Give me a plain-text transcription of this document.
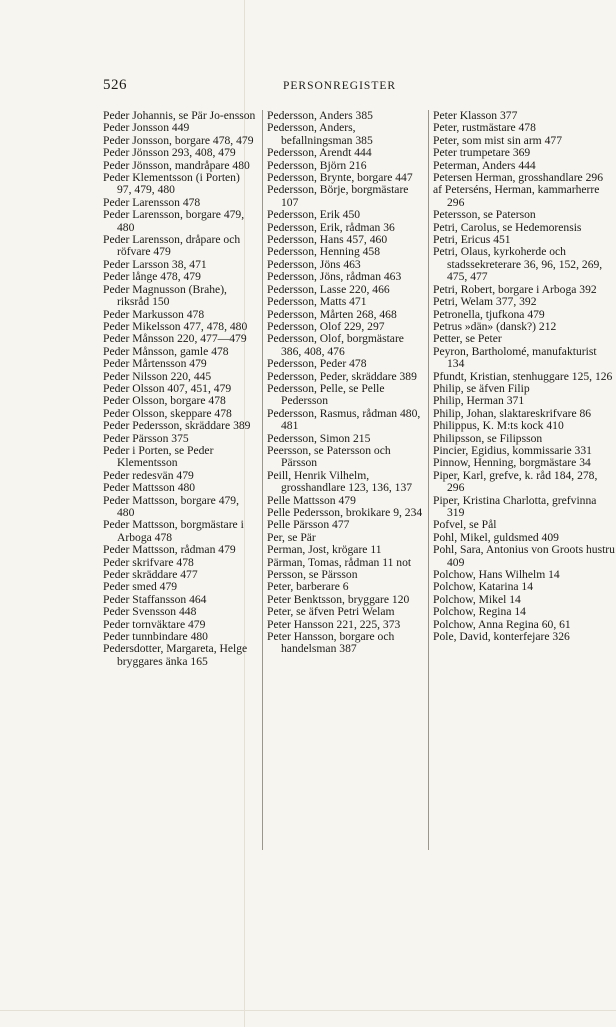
526	PERSONREGISTER
Peder Johannis, se Pär Jo-ensson
Peder Jonsson 449
Peder Jonsson, borgare 478, 479
Peder Jönsson 293, 408, 479
Peder Jönsson, mandråpare 480
Peder Klementsson (i Porten) 97, 479, 480
Peder Larensson 478
Peder Larensson, borgare 479, 480
Peder Larensson, dråpare och röfvare 479
Peder Larsson 38, 471
Peder långe 478, 479
Peder Magnusson (Brahe), riksråd 150
Peder Markusson 478
Peder Mikelsson 477, 478, 480
Peder Månsson 220, 477—479
Peder Månsson, gamle 478
Peder Mårtensson 479
Peder Nilsson 220, 445
Peder Olsson 407, 451, 479
Peder Olsson, borgare 478
Peder Olsson, skeppare 478
Peder Pedersson, skräddare 389
Peder Pärsson 375
Peder i Porten, se Peder Klementsson
Peder redesvän 479
Peder Mattsson 480
Peder Mattsson, borgare 479, 480
Peder Mattsson, borgmästare i Arboga 478
Peder Mattsson, rådman 479
Peder skrifvare 478
Peder skräddare 477
Peder smed 479
Peder Staffansson 464
Peder Svensson 448
Peder tornväktare 479
Peder tunnbindare 480
Pedersdotter, Margareta, Helge bryggares änka 165
Pedersson, Anders 385
Pedersson, Anders, befallningsman 385
Pedersson, Arendt 444
Pedersson, Björn 216
Pedersson, Brynte, borgare 447
Pedersson, Börje, borgmästare 107
Pedersson, Erik 450
Pedersson, Erik, rådman 36
Pedersson, Hans 457, 460
Pedersson, Henning 458
Pedersson, Jöns 463
Pedersson, Jöns, rådman 463
Pedersson, Lasse 220, 466
Pedersson, Matts 471
Pedersson, Mårten 268, 468
Pedersson, Olof 229, 297
Pedersson, Olof, borgmästare 386, 408, 476
Pedersson, Peder 478
Pedersson, Peder, skräddare 389
Pedersson, Pelle, se Pelle Pedersson
Pedersson, Rasmus, rådman 480, 481
Pedersson, Simon 215
Peersson, se Patersson och Pärsson
Peill, Henrik Vilhelm, grosshandlare 123, 136, 137
Pelle Mattsson 479
Pelle Pedersson, brokikare 9, 234
Pelle Pärsson 477
Per, se Pär
Perman, Jost, krögare 11
Pärman, Tomas, rådman 11 not
Persson, se Pärsson
Peter, barberare 6
Peter Benktsson, bryggare 120
Peter, se äfven Petri Welam
Peter Hansson 221, 225, 373
Peter Hansson, borgare och handelsman 387
Peter Klasson 377
Peter, rustmästare 478
Peter, som mist sin arm 477
Peter trumpetare 369
Peterman, Anders 444
Petersen Herman, grosshandlare 296
af Peterséns, Herman, kammarherre 296
Petersson, se Paterson
Petri, Carolus, se Hedemorensis
Petri, Ericus 451
Petri, Olaus, kyrkoherde och stadssekreterare 36, 96, 152, 269, 475, 477
Petri, Robert, borgare i Arboga 392
Petri, Welam 377, 392
Petronella, tjufkona 479
Petrus »dän» (dansk?) 212
Petter, se Peter
Peyron, Bartholomé, manufakturist 134
Pfundt, Kristian, stenhuggare 125, 126
Philip, se äfven Filip
Philip, Herman 371
Philip, Johan, slaktareskrifvare 86
Philippus, K. M:ts kock 410
Philipsson, se Filipsson
Pincier, Egidius, kommissarie 331
Pinnow, Henning, borgmästare 34
Piper, Karl, grefve, k. råd 184, 278, 296
Piper, Kristina Charlotta, grefvinna 319
Pofvel, se Pål
Pohl, Mikel, guldsmed 409
Pohl, Sara, Antonius von Groots hustru 409
Polchow, Hans Wilhelm 14
Polchow, Katarina 14
Polchow, Mikel 14
Polchow, Regina 14
Polchow, Anna Regina 60, 61
Pole, David, konterfejare 326
